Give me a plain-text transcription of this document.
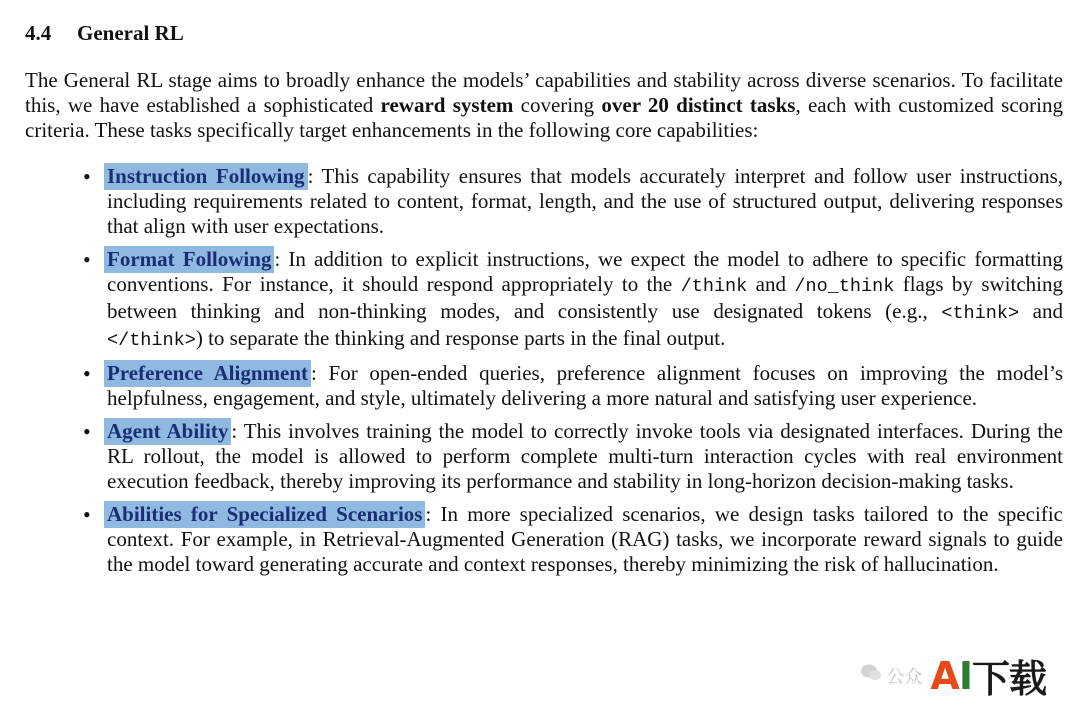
4.4	General RL

The General RL stage aims to broadly enhance the models’ capabilities and stability across diverse scenarios. To facilitate this, we have established a sophisticated reward system covering over 20 distinct tasks, each with customized scoring criteria. These tasks specifically target enhancements in the following core capabilities:

• Instruction Following : This capability ensures that models accurately interpret and follow user instructions, including requirements related to content, format, length, and the use of structured output, delivering responses that align with user expectations.
• Format Following : In addition to explicit instructions, we expect the model to adhere to specific formatting conventions. For instance, it should respond appropriately to the /think and /no_think flags by switching between thinking and non-thinking modes, and consistently use designated tokens (e.g., <think> and </think>) to separate the thinking and response parts in the final output.
• Preference Alignment : For open-ended queries, preference alignment focuses on improving the model’s helpfulness, engagement, and style, ultimately delivering a more natural and satisfying user experience.
• Agent Ability : This involves training the model to correctly invoke tools via designated interfaces. During the RL rollout, the model is allowed to perform complete multi-turn interaction cycles with real environment execution feedback, thereby improving its performance and stability in long-horizon decision-making tasks.
• Abilities for Specialized Scenarios : In more specialized scenarios, we design tasks tailored to the specific context. For example, in Retrieval-Augmented Generation (RAG) tasks, we incorporate reward signals to guide the model toward generating accurate and context responses, thereby minimizing the risk of hallucination.
公众 A I 下载
